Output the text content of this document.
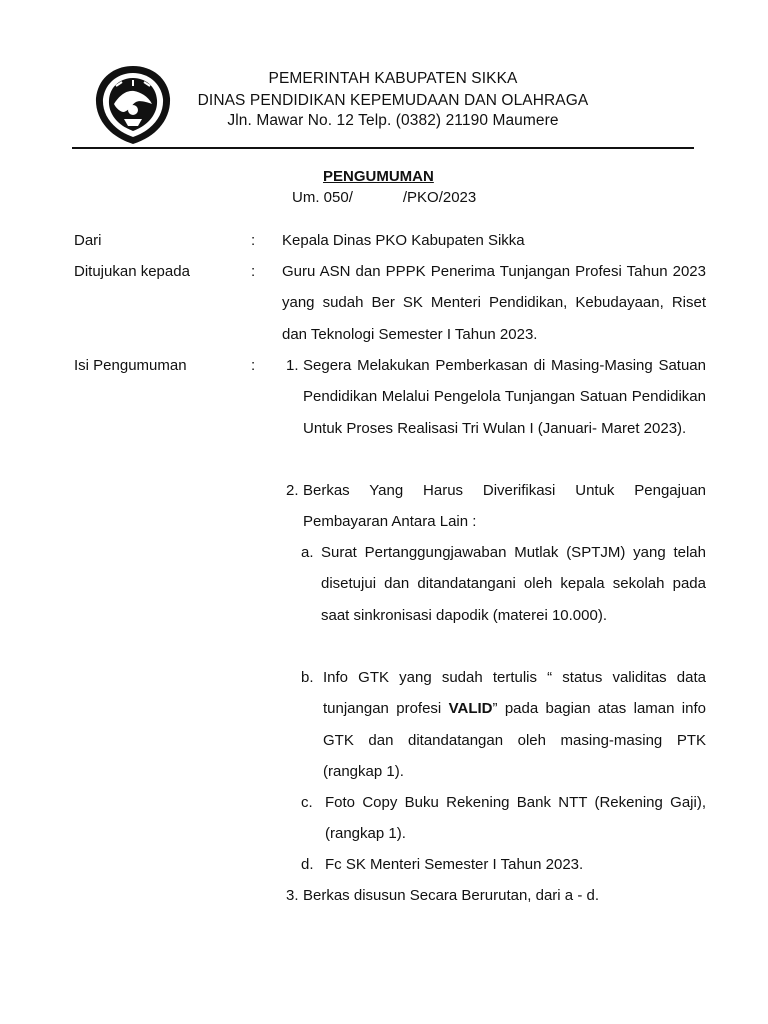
PEMERINTAH KABUPATEN SIKKA
DINAS PENDIDIKAN KEPEMUDAAN DAN OLAHRAGA
Jln. Mawar No. 12 Telp. (0382) 21190 Maumere
PENGUMUMAN
Um. 050/	/PKO/2023
Dari	: Kepala Dinas PKO Kabupaten Sikka
Ditujukan kepada	: Guru ASN dan PPPK Penerima Tunjangan Profesi Tahun 2023 yang sudah Ber SK Menteri Pendidikan, Kebudayaan, Riset dan Teknologi Semester I Tahun 2023.
Isi Pengumuman	: 1. Segera Melakukan Pemberkasan di Masing-Masing Satuan Pendidikan Melalui Pengelola Tunjangan Satuan Pendidikan Untuk Proses Realisasi Tri Wulan I (Januari- Maret 2023).
2. Berkas Yang Harus Diverifikasi Untuk Pengajuan Pembayaran Antara Lain :
a. Surat Pertanggungjawaban Mutlak (SPTJM) yang telah disetujui dan ditandatangani oleh kepala sekolah pada saat sinkronisasi dapodik (materei 10.000).
b. Info GTK yang sudah tertulis “ status validitas data tunjangan profesi VALID” pada bagian atas laman info GTK dan ditandatangan oleh masing-masing PTK (rangkap 1).
c. Foto Copy Buku Rekening Bank NTT (Rekening Gaji), (rangkap 1).
d. Fc SK Menteri Semester I Tahun 2023.
3. Berkas disusun Secara Berurutan, dari a - d.
